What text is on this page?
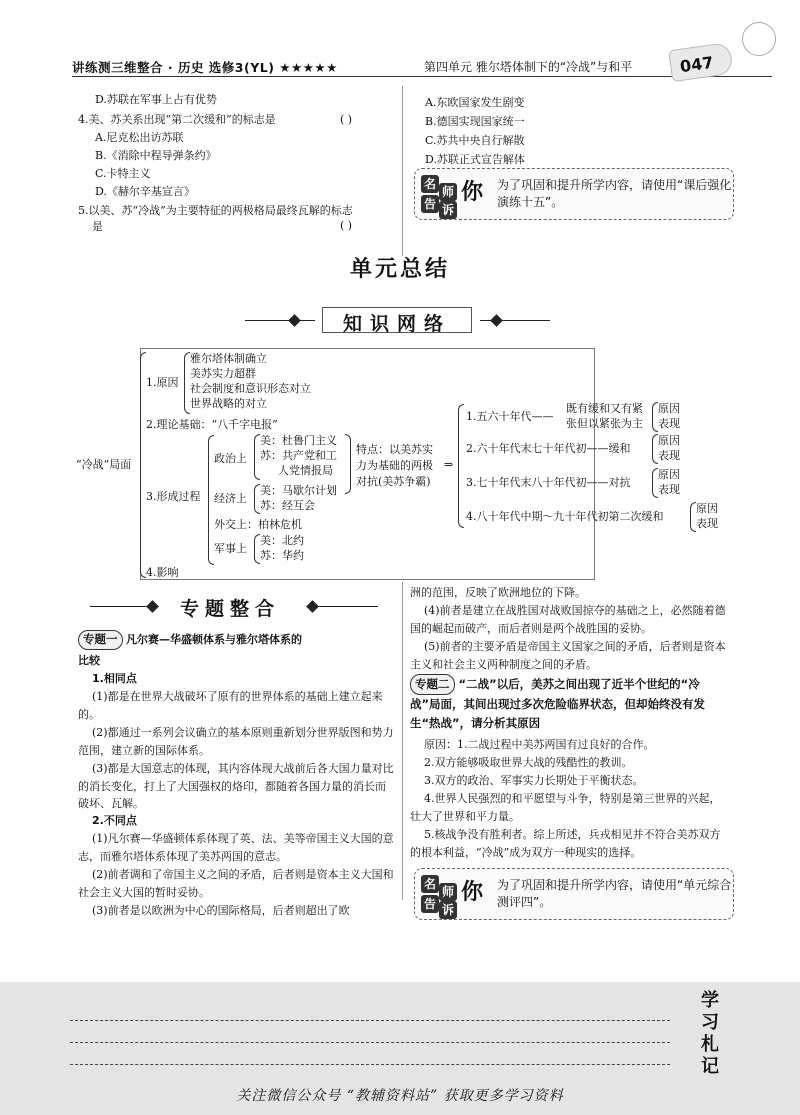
讲练测三维整合 · 历史 选修3(YL) ★★★★★	第四单元 雅尔塔体制下的“冷战”与和平	047
D.苏联在军事上占有优势
4.美、苏关系出现“第二次缓和”的标志是	( )
A.尼克松出访苏联
B.《消除中程导弹条约》
C.卡特主义
D.《赫尔辛基宣言》
5.以美、苏“冷战”为主要特征的两极格局最终瓦解的标志
是	( )
A.东欧国家发生剧变
B.德国实现国家统一
C.苏共中央自行解散
D.苏联正式宣告解体
名
师
告 诉
你 为了巩固和提升所学内容，请使用“课后强化演练十五”。
单元总结
知识网络
“冷战”局面
1.原因
雅尔塔体制确立
美苏实力超群
社会制度和意识形态对立
世界战略的对立
2.理论基础：“八千字电报”
3.形成过程
政治上
美：杜鲁门主义
苏：共产党和工
人党情报局
经济上
美：马歇尔计划
苏：经互会
外交上：柏林危机
军事上
美：北约
苏：华约
4.影响
特点：以美苏实
力为基础的两极
对抗(美苏争霸)
⇒
1.五六十年代——
既有缓和又有紧
张但以紧张为主
原因
表现
2.六十年代末七十年代初——缓和
原因
表现
3.七十年代末八十年代初——对抗
原因
表现
4.八十年代中期～九十年代初第二次缓和
原因
表现
专题整合
专题一 凡尔赛—华盛顿体系与雅尔塔体系的
比较
1.相同点
(1)都是在世界大战破坏了原有的世界体系的基础上建立起来的。
(2)都通过一系列会议确立的基本原则重新划分世界版图和势力范围，建立新的国际体系。
(3)都是大国意志的体现，其内容体现大战前后各大国力量对比的消长变化，打上了大国强权的烙印，都随着各国力量的消长而破坏、瓦解。
2.不同点
(1)凡尔赛—华盛顿体系体现了英、法、美等帝国主义大国的意志，而雅尔塔体系体现了美苏两国的意志。
(2)前者调和了帝国主义之间的矛盾，后者则是资本主义大国和社会主义大国的暂时妥协。
(3)前者是以欧洲为中心的国际格局，后者则超出了欧
洲的范围，反映了欧洲地位的下降。
(4)前者是建立在战胜国对战败国掠夺的基础之上，必然随着德国的崛起而破产，而后者则是两个战胜国的妥协。
(5)前者的主要矛盾是帝国主义国家之间的矛盾，后者则是资本主义和社会主义两种制度之间的矛盾。
专题二 “二战”以后，美苏之间出现了近半个世纪的“冷战”局面，其间出现过多次危险临界状态，但却始终没有发生“热战”，请分析其原因
原因：1.二战过程中美苏两国有过良好的合作。
2.双方能够吸取世界大战的残酷性的教训。
3.双方的政治、军事实力长期处于平衡状态。
4.世界人民强烈的和平愿望与斗争，特别是第三世界的兴起，壮大了世界和平力量。
5.核战争没有胜利者。综上所述，兵戎相见并不符合美苏双方的根本利益，“冷战”成为双方一种现实的选择。
名
师
告 诉
你 为了巩固和提升所学内容，请使用“单元综合测评四”。
学
习
札
记
关注微信公众号 “教辅资料站” 获取更多学习资料
